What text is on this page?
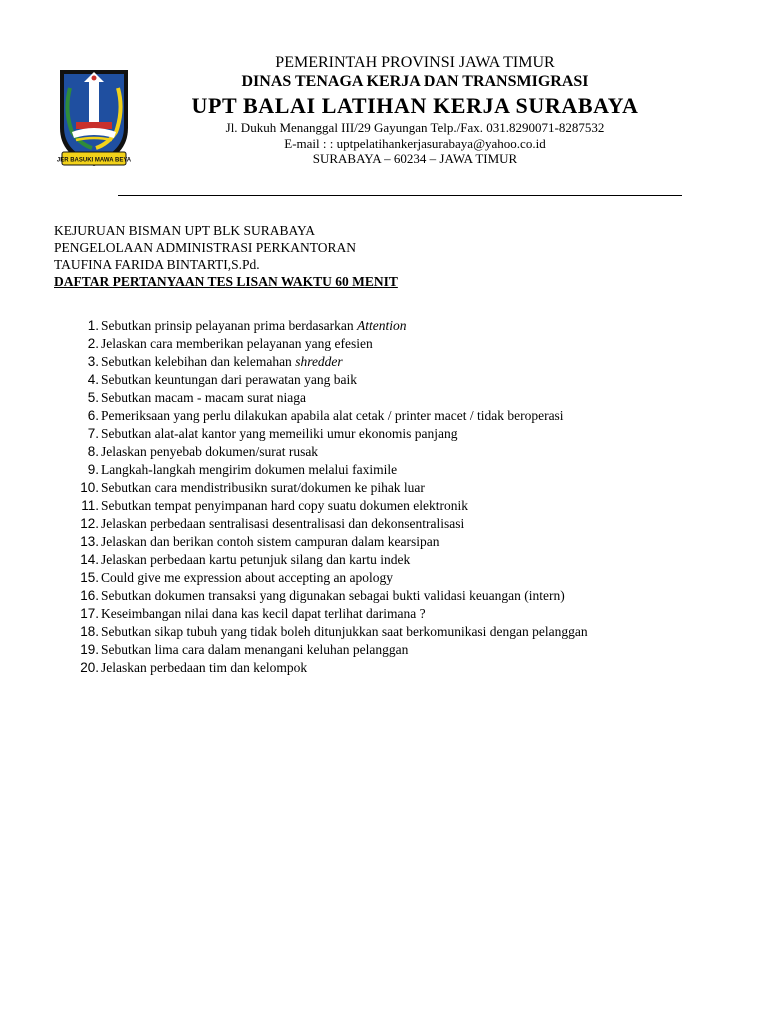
JER BASUKI MAWA BEYA
PEMERINTAH PROVINSI JAWA TIMUR
DINAS TENAGA KERJA DAN TRANSMIGRASI
UPT BALAI LATIHAN KERJA SURABAYA
Jl. Dukuh Menanggal III/29 Gayungan Telp./Fax. 031.8290071-8287532
E-mail : : uptpelatihankerjasurabaya@yahoo.co.id
SURABAYA – 60234 – JAWA TIMUR
KEJURUAN BISMAN UPT BLK SURABAYA
PENGELOLAAN ADMINISTRASI PERKANTORAN
TAUFINA FARIDA BINTARTI,S.Pd.
DAFTAR PERTANYAAN TES LISAN WAKTU 60 MENIT
1. Sebutkan prinsip pelayanan prima berdasarkan Attention
2. Jelaskan cara memberikan pelayanan yang efesien
3. Sebutkan kelebihan dan kelemahan shredder
4. Sebutkan keuntungan dari perawatan yang baik
5. Sebutkan macam - macam surat niaga
6. Pemeriksaan yang perlu dilakukan apabila alat cetak / printer macet / tidak beroperasi
7. Sebutkan alat-alat kantor yang memeiliki umur ekonomis panjang
8. Jelaskan penyebab dokumen/surat rusak
9. Langkah-langkah mengirim dokumen melalui faximile
10. Sebutkan cara mendistribusikn surat/dokumen ke pihak luar
11. Sebutkan tempat penyimpanan hard copy suatu dokumen elektronik
12. Jelaskan perbedaan sentralisasi desentralisasi dan dekonsentralisasi
13. Jelaskan dan berikan contoh sistem campuran dalam kearsipan
14. Jelaskan perbedaan kartu petunjuk silang dan kartu indek
15. Could give me expression about accepting an apology
16. Sebutkan dokumen transaksi yang digunakan sebagai bukti validasi keuangan (intern)
17. Keseimbangan nilai dana kas kecil dapat terlihat darimana ?
18. Sebutkan sikap tubuh yang tidak boleh ditunjukkan saat berkomunikasi dengan pelanggan
19. Sebutkan lima cara dalam menangani keluhan pelanggan
20. Jelaskan perbedaan tim dan kelompok
